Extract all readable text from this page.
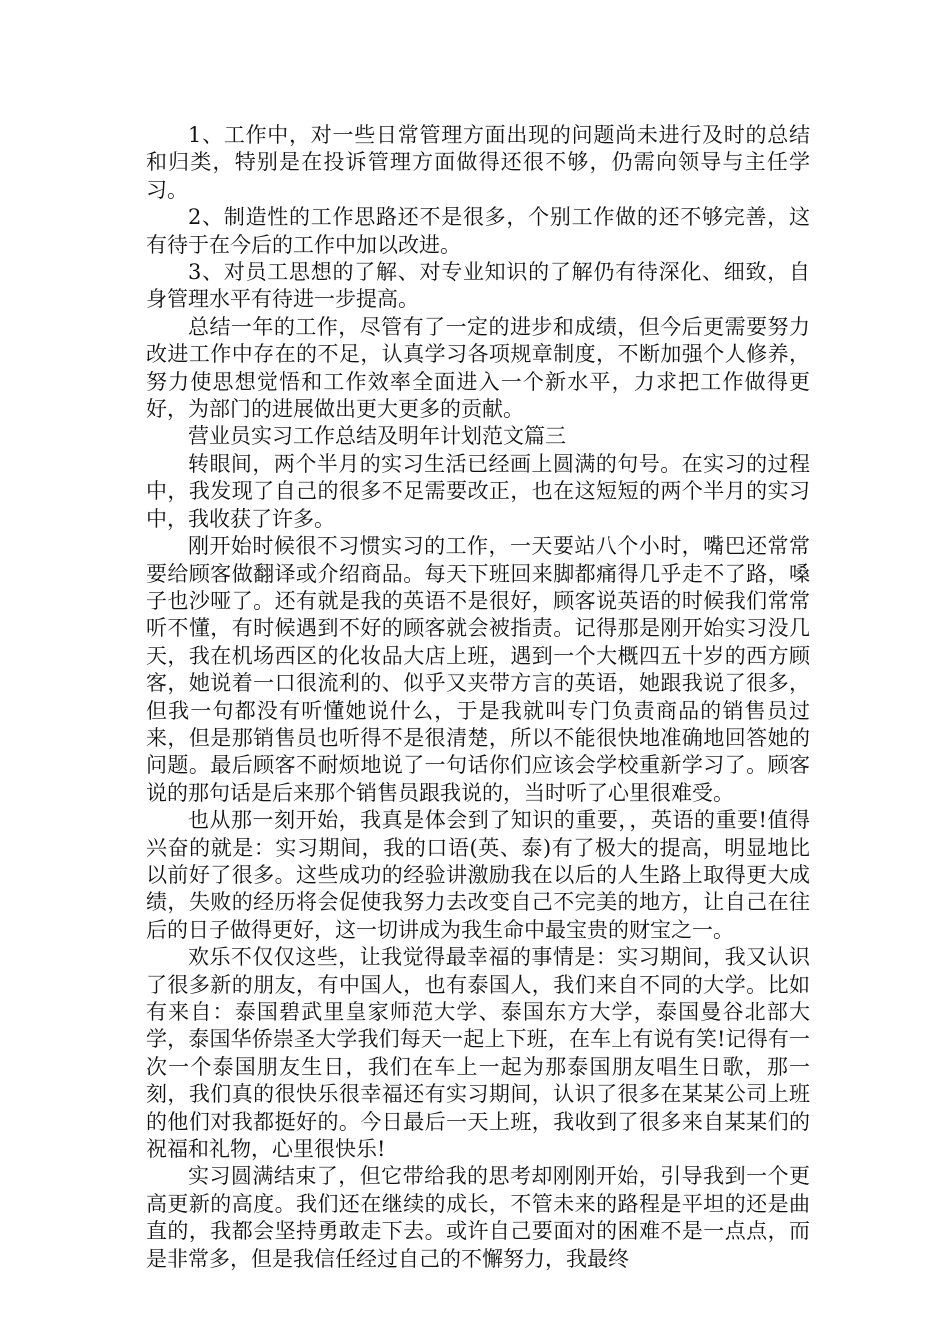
1、工作中，对一些日常管理方面出现的问题尚未进行及时的总结和归类，特别是在投诉管理方面做得还很不够，仍需向领导与主任学习。

2、制造性的工作思路还不是很多，个别工作做的还不够完善，这有待于在今后的工作中加以改进。

3、对员工思想的了解、对专业知识的了解仍有待深化、细致，自身管理水平有待进一步提高。

总结一年的工作，尽管有了一定的进步和成绩，但今后更需要努力改进工作中存在的不足，认真学习各项规章制度，不断加强个人修养，努力使思想觉悟和工作效率全面进入一个新水平，力求把工作做得更好，为部门的进展做出更大更多的贡献。

营业员实习工作总结及明年计划范文篇三

转眼间，两个半月的实习生活已经画上圆满的句号。在实习的过程中，我发现了自己的很多不足需要改正，也在这短短的两个半月的实习中，我收获了许多。

刚开始时候很不习惯实习的工作，一天要站八个小时，嘴巴还常常要给顾客做翻译或介绍商品。每天下班回来脚都痛得几乎走不了路，嗓子也沙哑了。还有就是我的英语不是很好，顾客说英语的时候我们常常听不懂，有时候遇到不好的顾客就会被指责。记得那是刚开始实习没几天，我在机场西区的化妆品大店上班，遇到一个大概四五十岁的西方顾客，她说着一口很流利的、似乎又夹带方言的英语，她跟我说了很多，但我一句都没有听懂她说什么，于是我就叫专门负责商品的销售员过来，但是那销售员也听得不是很清楚，所以不能很快地准确地回答她的问题。最后顾客不耐烦地说了一句话你们应该会学校重新学习了。顾客说的那句话是后来那个销售员跟我说的，当时听了心里很难受。

也从那一刻开始，我真是体会到了知识的重要，，英语的重要!值得兴奋的就是：实习期间，我的口语(英、泰)有了极大的提高，明显地比以前好了很多。这些成功的经验讲激励我在以后的人生路上取得更大成绩，失败的经历将会促使我努力去改变自己不完美的地方，让自己在往后的日子做得更好，这一切讲成为我生命中最宝贵的财宝之一。

欢乐不仅仅这些，让我觉得最幸福的事情是：实习期间，我又认识了很多新的朋友，有中国人，也有泰国人，我们来自不同的大学。比如有来自：泰国碧武里皇家师范大学、泰国东方大学，泰国曼谷北部大学，泰国华侨崇圣大学我们每天一起上下班，在车上有说有笑!记得有一次一个泰国朋友生日，我们在车上一起为那泰国朋友唱生日歌，那一刻，我们真的很快乐很幸福还有实习期间，认识了很多在某某公司上班的他们对我都挺好的。今日最后一天上班，我收到了很多来自某某们的祝福和礼物，心里很快乐!

实习圆满结束了，但它带给我的思考却刚刚开始，引导我到一个更高更新的高度。我们还在继续的成长，不管未来的路程是平坦的还是曲直的，我都会坚持勇敢走下去。或许自己要面对的困难不是一点点，而是非常多，但是我信任经过自己的不懈努力，我最终
